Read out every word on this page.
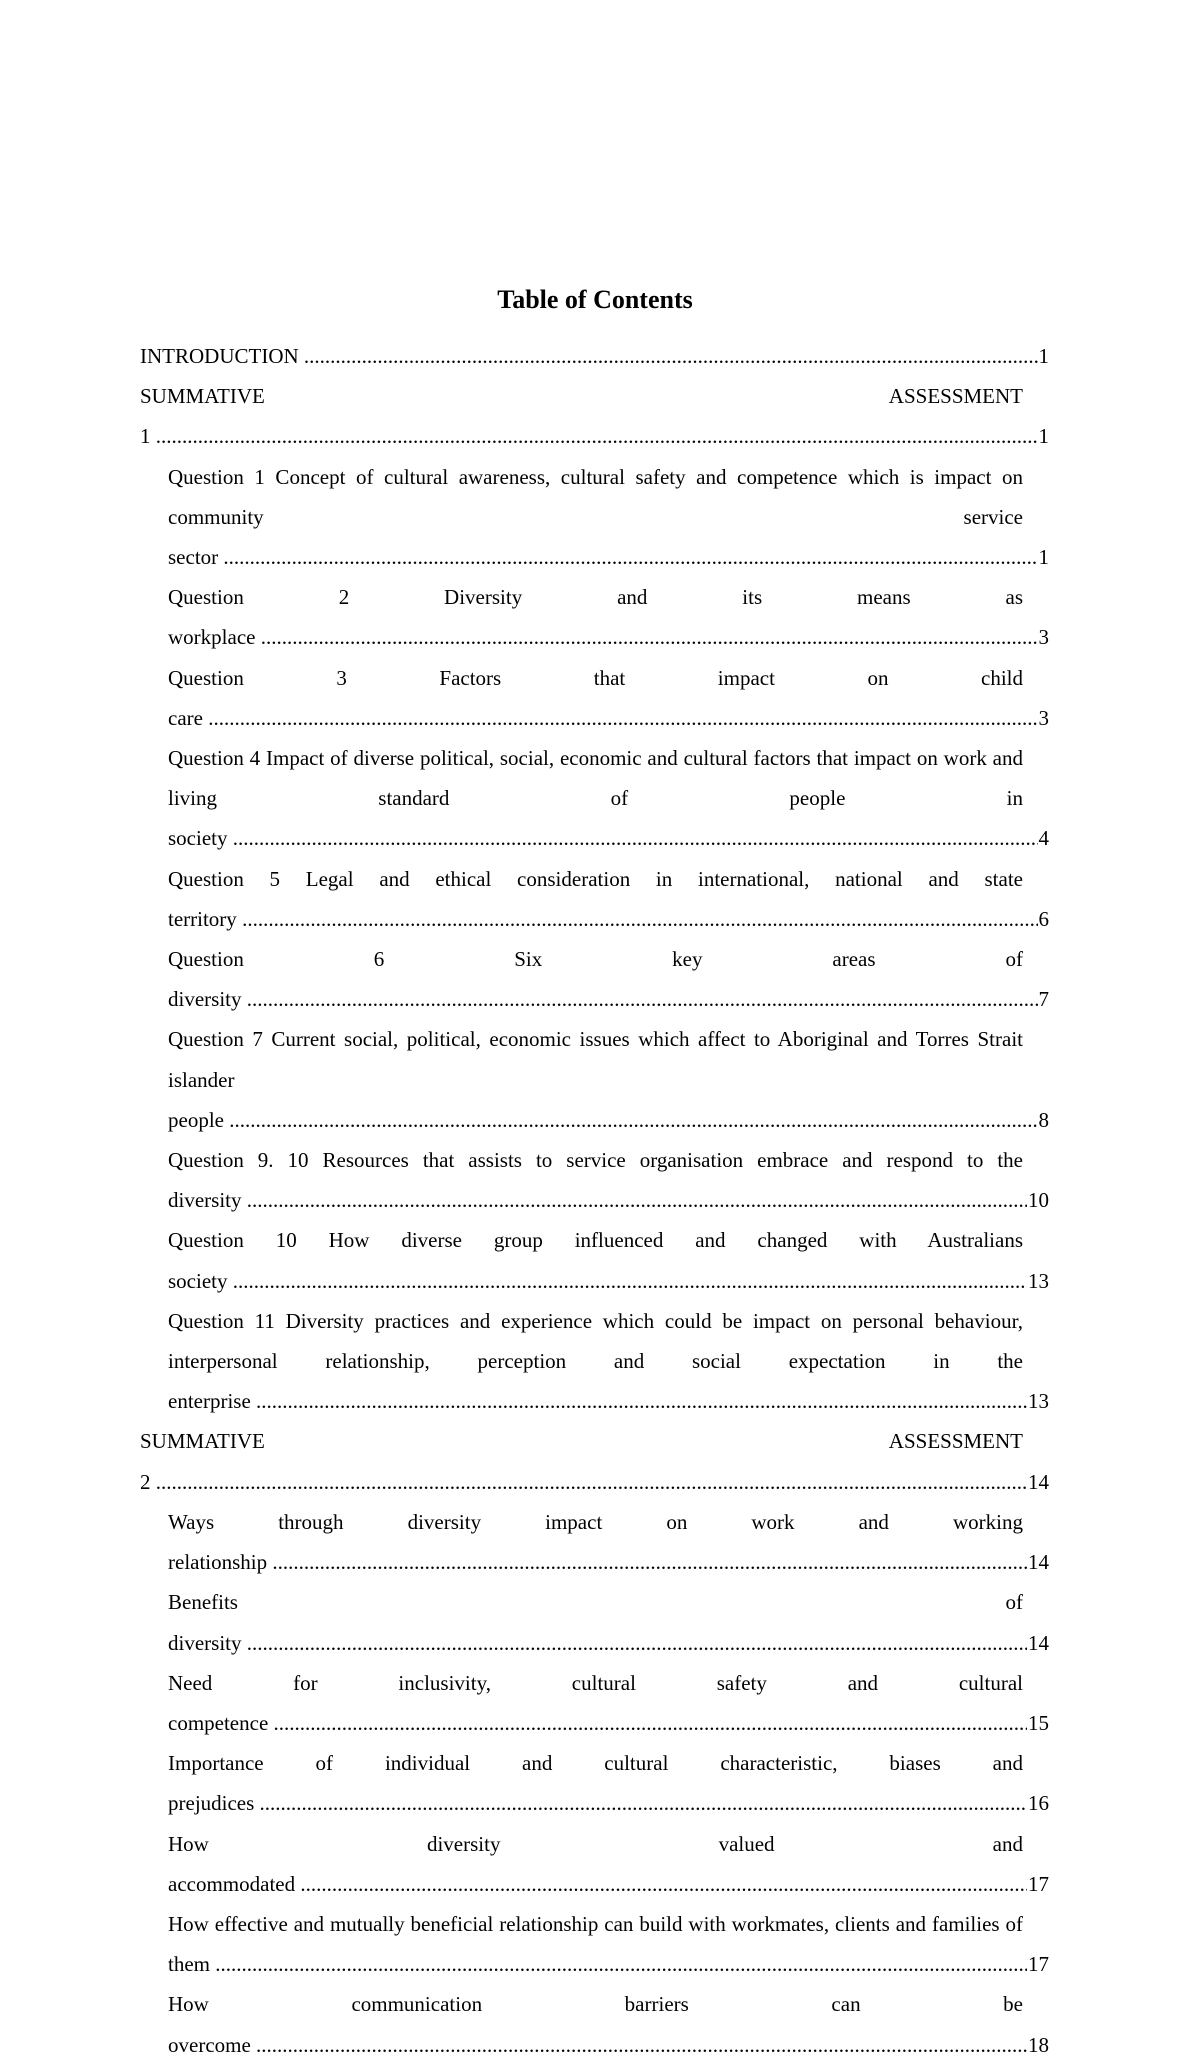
Table of Contents
INTRODUCTION .....	1
SUMMATIVE ASSESSMENT 1 .....	1
Question 1 Concept of cultural awareness, cultural safety and competence which is impact on community service sector .....	1
Question 2 Diversity and its means as workplace .....	3
Question 3 Factors that impact on child care .....	3
Question 4 Impact of diverse political, social, economic and cultural factors that impact on work and living standard of people in society .....	4
Question 5 Legal and ethical consideration in international, national and state territory .....	6
Question 6 Six key areas of diversity .....	7
Question 7 Current social, political, economic issues which affect to Aboriginal and Torres Strait islander people .....	8
Question 9. 10 Resources that assists to service organisation embrace and respond to the diversity .....	10
Question 10 How diverse group influenced and changed with Australians society .....	13
Question 11 Diversity practices and experience which could be impact on personal behaviour, interpersonal relationship, perception and social expectation in the enterprise .....	13
SUMMATIVE ASSESSMENT 2 .....	14
Ways through diversity impact on work and working relationship .....	14
Benefits of diversity .....	14
Need for inclusivity, cultural safety and cultural competence .....	15
Importance of individual and cultural characteristic, biases and prejudices .....	16
How diversity valued and accommodated .....	17
How effective and mutually beneficial relationship can build with workmates, clients and families of them .....	17
How communication barriers can be overcome .....	18
